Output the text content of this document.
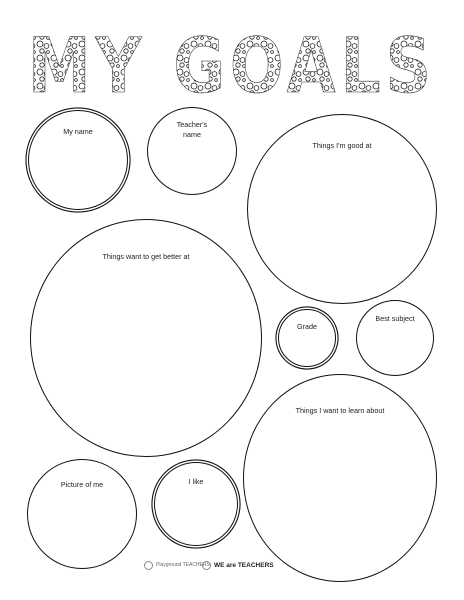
MY GOALS
My name
Teacher's
name
Things I'm good at
Things want to get better at
Grade
Best subject
Things I want to learn about
Picture of me	I like
Playground TEACHERS WE are TEACHERS
